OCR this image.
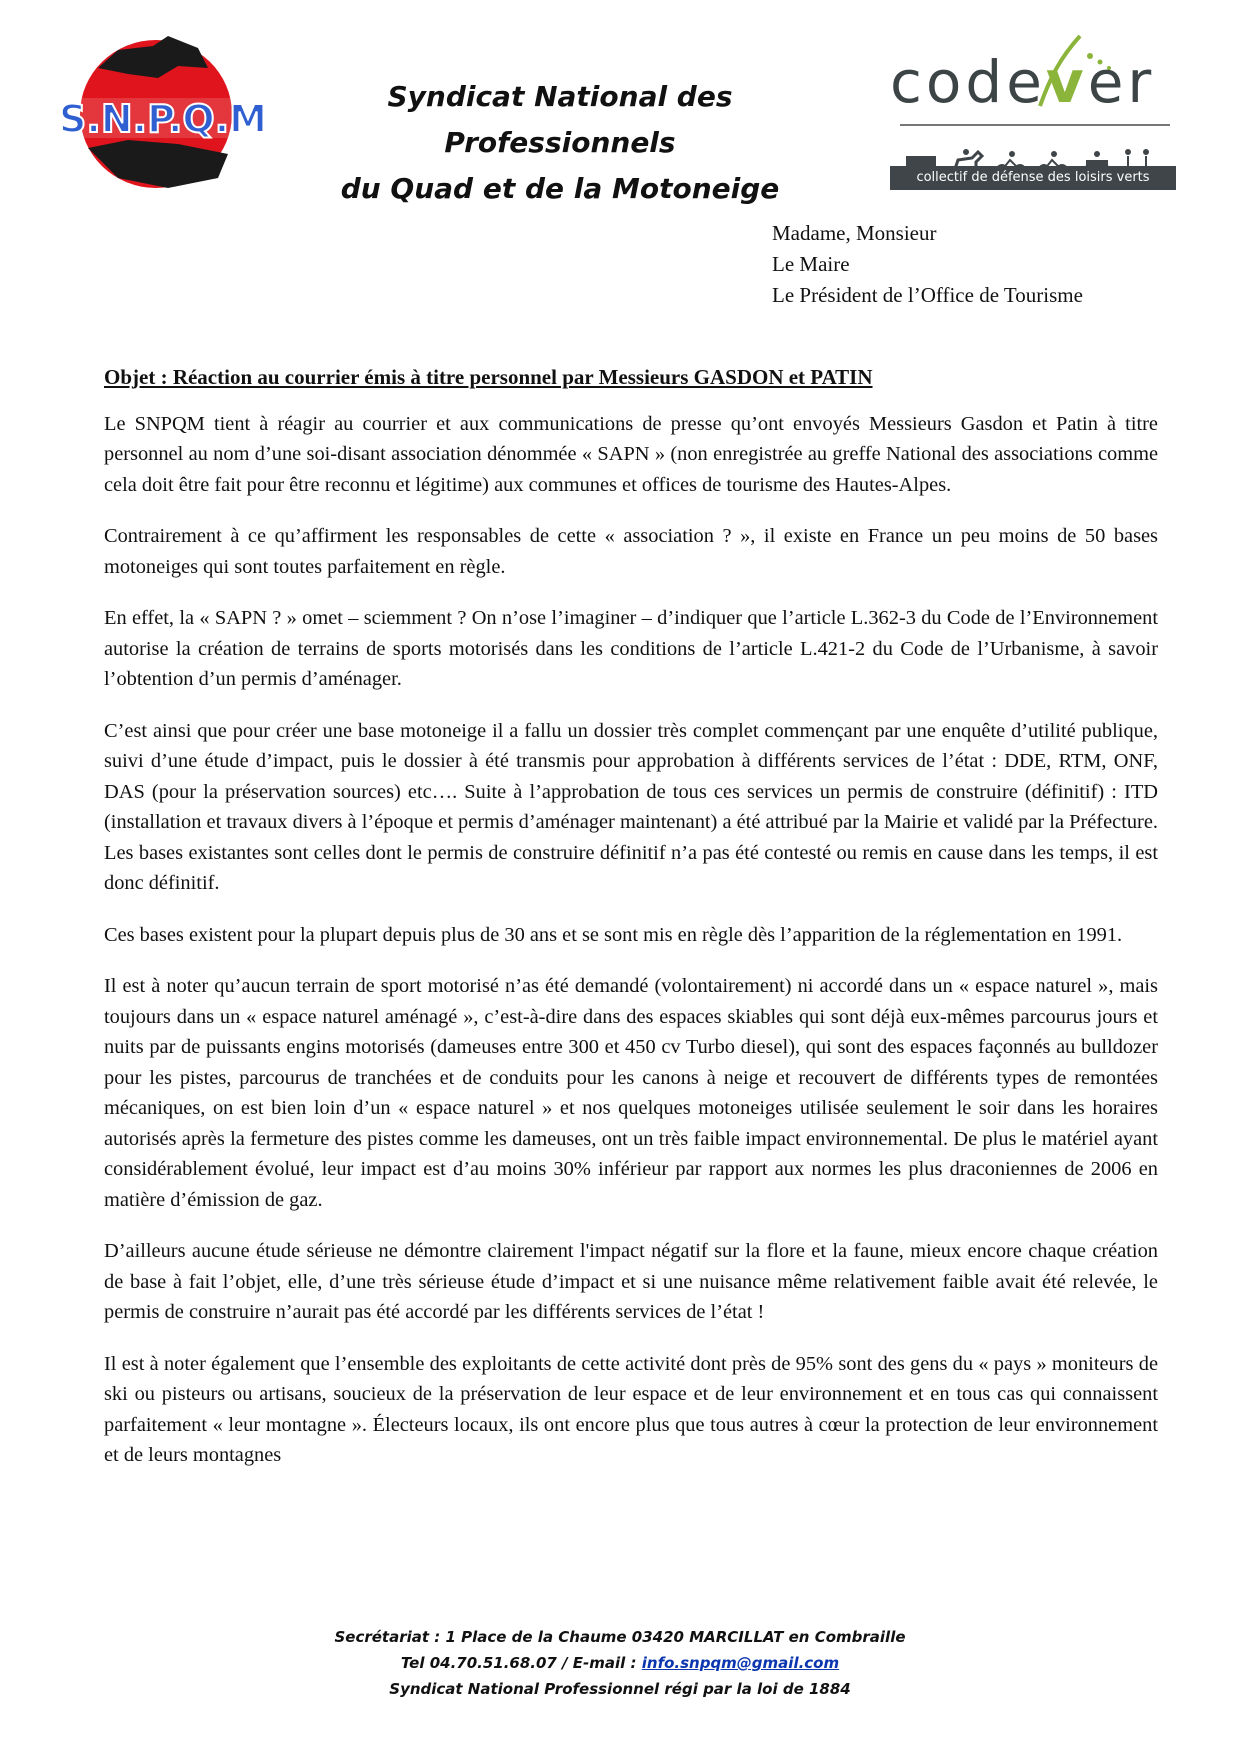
S.N.P.Q.M
Syndicat National des Professionnels
du Quad et de la Motoneige
codever
collectif de défense des loisirs verts
Madame, Monsieur
Le Maire
Le Président de l’Office de Tourisme
Objet : Réaction au courrier émis à titre personnel par Messieurs GASDON et PATIN

Le SNPQM tient à réagir au courrier et aux communications de presse qu’ont envoyés Messieurs Gasdon et Patin à titre personnel au nom d’une soi-disant association dénommée « SAPN » (non enregistrée au greffe National des associations comme cela doit être fait pour être reconnu et légitime) aux communes et offices de tourisme des Hautes-Alpes.

Contrairement à ce qu’affirment les responsables de cette « association ? », il existe en France un peu moins de 50 bases motoneiges qui sont toutes parfaitement en règle.

En effet, la « SAPN ? » omet – sciemment ? On n’ose l’imaginer – d’indiquer que l’article L.362-3 du Code de l’Environnement autorise la création de terrains de sports motorisés dans les conditions de l’article L.421-2 du Code de l’Urbanisme, à savoir l’obtention d’un permis d’aménager.

C’est ainsi que pour créer une base motoneige il a fallu un dossier très complet commençant par une enquête d’utilité publique, suivi d’une étude d’impact, puis le dossier à été transmis pour approbation à différents services de l’état : DDE, RTM, ONF, DAS (pour la préservation sources) etc…. Suite à l’approbation de tous ces services un permis de construire (définitif) : ITD (installation et travaux divers à l’époque et permis d’aménager maintenant) a été attribué par la Mairie et validé par la Préfecture. Les bases existantes sont celles dont le permis de construire définitif n’a pas été contesté ou remis en cause dans les temps, il est donc définitif.

Ces bases existent pour la plupart depuis plus de 30 ans et se sont mis en règle dès l’apparition de la réglementation en 1991.

Il est à noter qu’aucun terrain de sport motorisé n’as été demandé (volontairement) ni accordé dans un « espace naturel », mais toujours dans un « espace naturel aménagé », c’est-à-dire dans des espaces skiables qui sont déjà eux-mêmes parcourus jours et nuits par de puissants engins motorisés (dameuses entre 300 et 450 cv Turbo diesel), qui sont des espaces façonnés au bulldozer pour les pistes, parcourus de tranchées et de conduits pour les canons à neige et recouvert de différents types de remontées mécaniques, on est bien loin d’un « espace naturel » et nos quelques motoneiges utilisée seulement le soir dans les horaires autorisés après la fermeture des pistes comme les dameuses, ont un très faible impact environnemental. De plus le matériel ayant considérablement évolué, leur impact est d’au moins 30% inférieur par rapport aux normes les plus draconiennes de 2006 en matière d’émission de gaz.

D’ailleurs aucune étude sérieuse ne démontre clairement l'impact négatif sur la flore et la faune, mieux encore chaque création de base à fait l’objet, elle, d’une très sérieuse étude d’impact et si une nuisance même relativement faible avait été relevée, le permis de construire n’aurait pas été accordé par les différents services de l’état !

Il est à noter également que l’ensemble des exploitants de cette activité dont près de 95% sont des gens du « pays » moniteurs de ski ou pisteurs ou artisans, soucieux de la préservation de leur espace et de leur environnement et en tous cas qui connaissent parfaitement « leur montagne ». Électeurs locaux, ils ont encore plus que tous autres à cœur la protection de leur environnement et de leurs montagnes

Secrétariat : 1 Place de la Chaume 03420 MARCILLAT en Combraille
Tel 04.70.51.68.07 / E-mail : info.snpqm@gmail.com
Syndicat National Professionnel régi par la loi de 1884
